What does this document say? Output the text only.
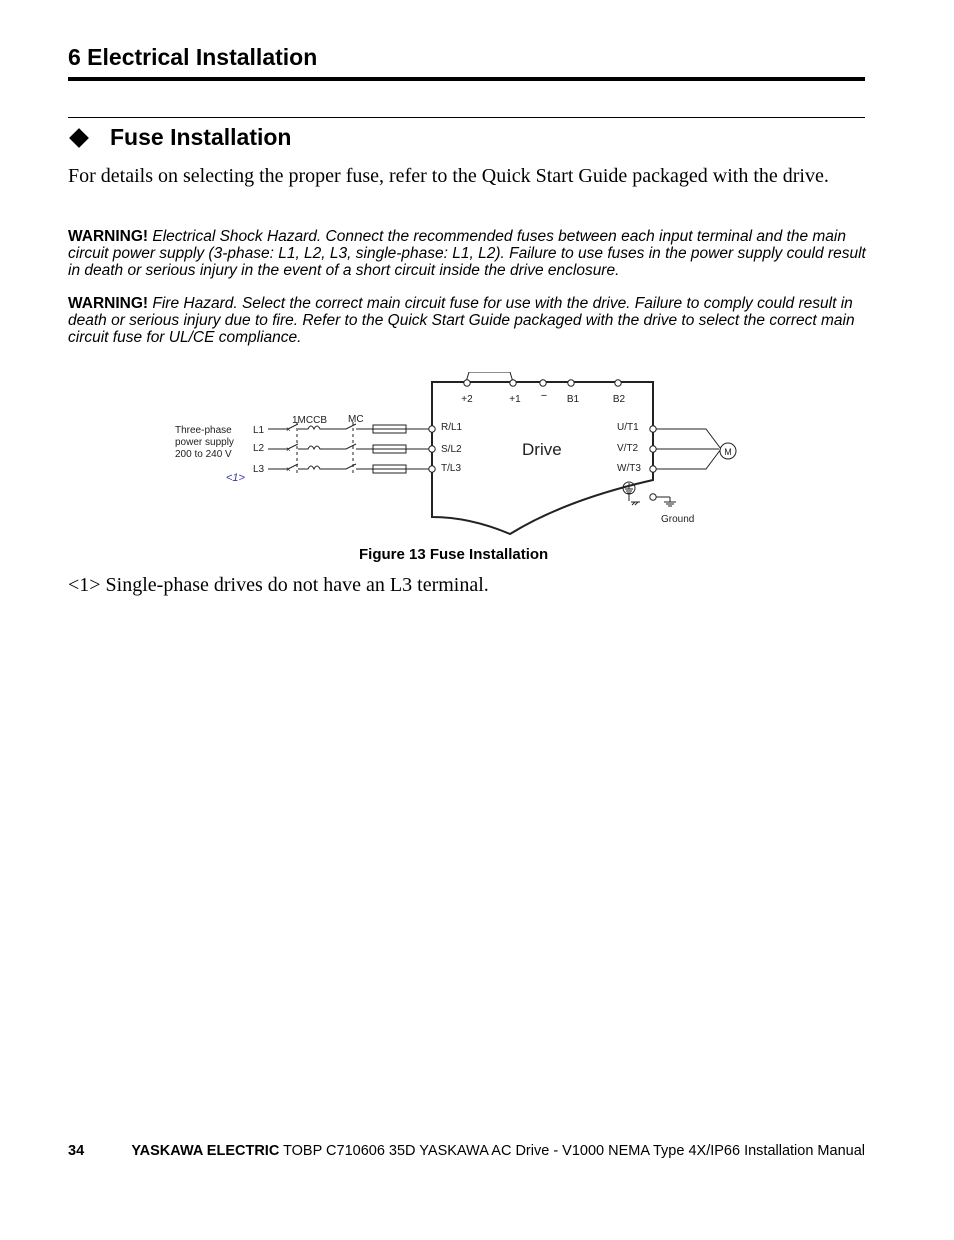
6 Electrical Installation
Fuse Installation
For details on selecting the proper fuse, refer to the Quick Start Guide packaged with the drive.
WARNING! Electrical Shock Hazard. Connect the recommended fuses between each input terminal and the main circuit power supply (3-phase: L1, L2, L3, single-phase: L1, L2). Failure to use fuses in the power supply could result in death or serious injury in the event of a short circuit inside the drive enclosure.
WARNING! Fire Hazard. Select the correct main circuit fuse for use with the drive. Failure to comply could result in death or serious injury due to fire. Refer to the Quick Start Guide packaged with the drive to select the correct main circuit fuse for UL/CE compliance.
+2	+1 − B1	B2
Three-phase
power supply
200 to 240 V
<1>
L1
L2
L3
1MCCB MC
×
×
×
R/L1
S/L2
T/L3
Drive
U/T1
V/T2
W/T3
M
Ground
Figure 13 Fuse Installation
<1> Single-phase drives do not have an L3 terminal.
34	YASKAWA ELECTRIC TOBP C710606 35D YASKAWA AC Drive - V1000 NEMA Type 4X/IP66 Installation Manual
